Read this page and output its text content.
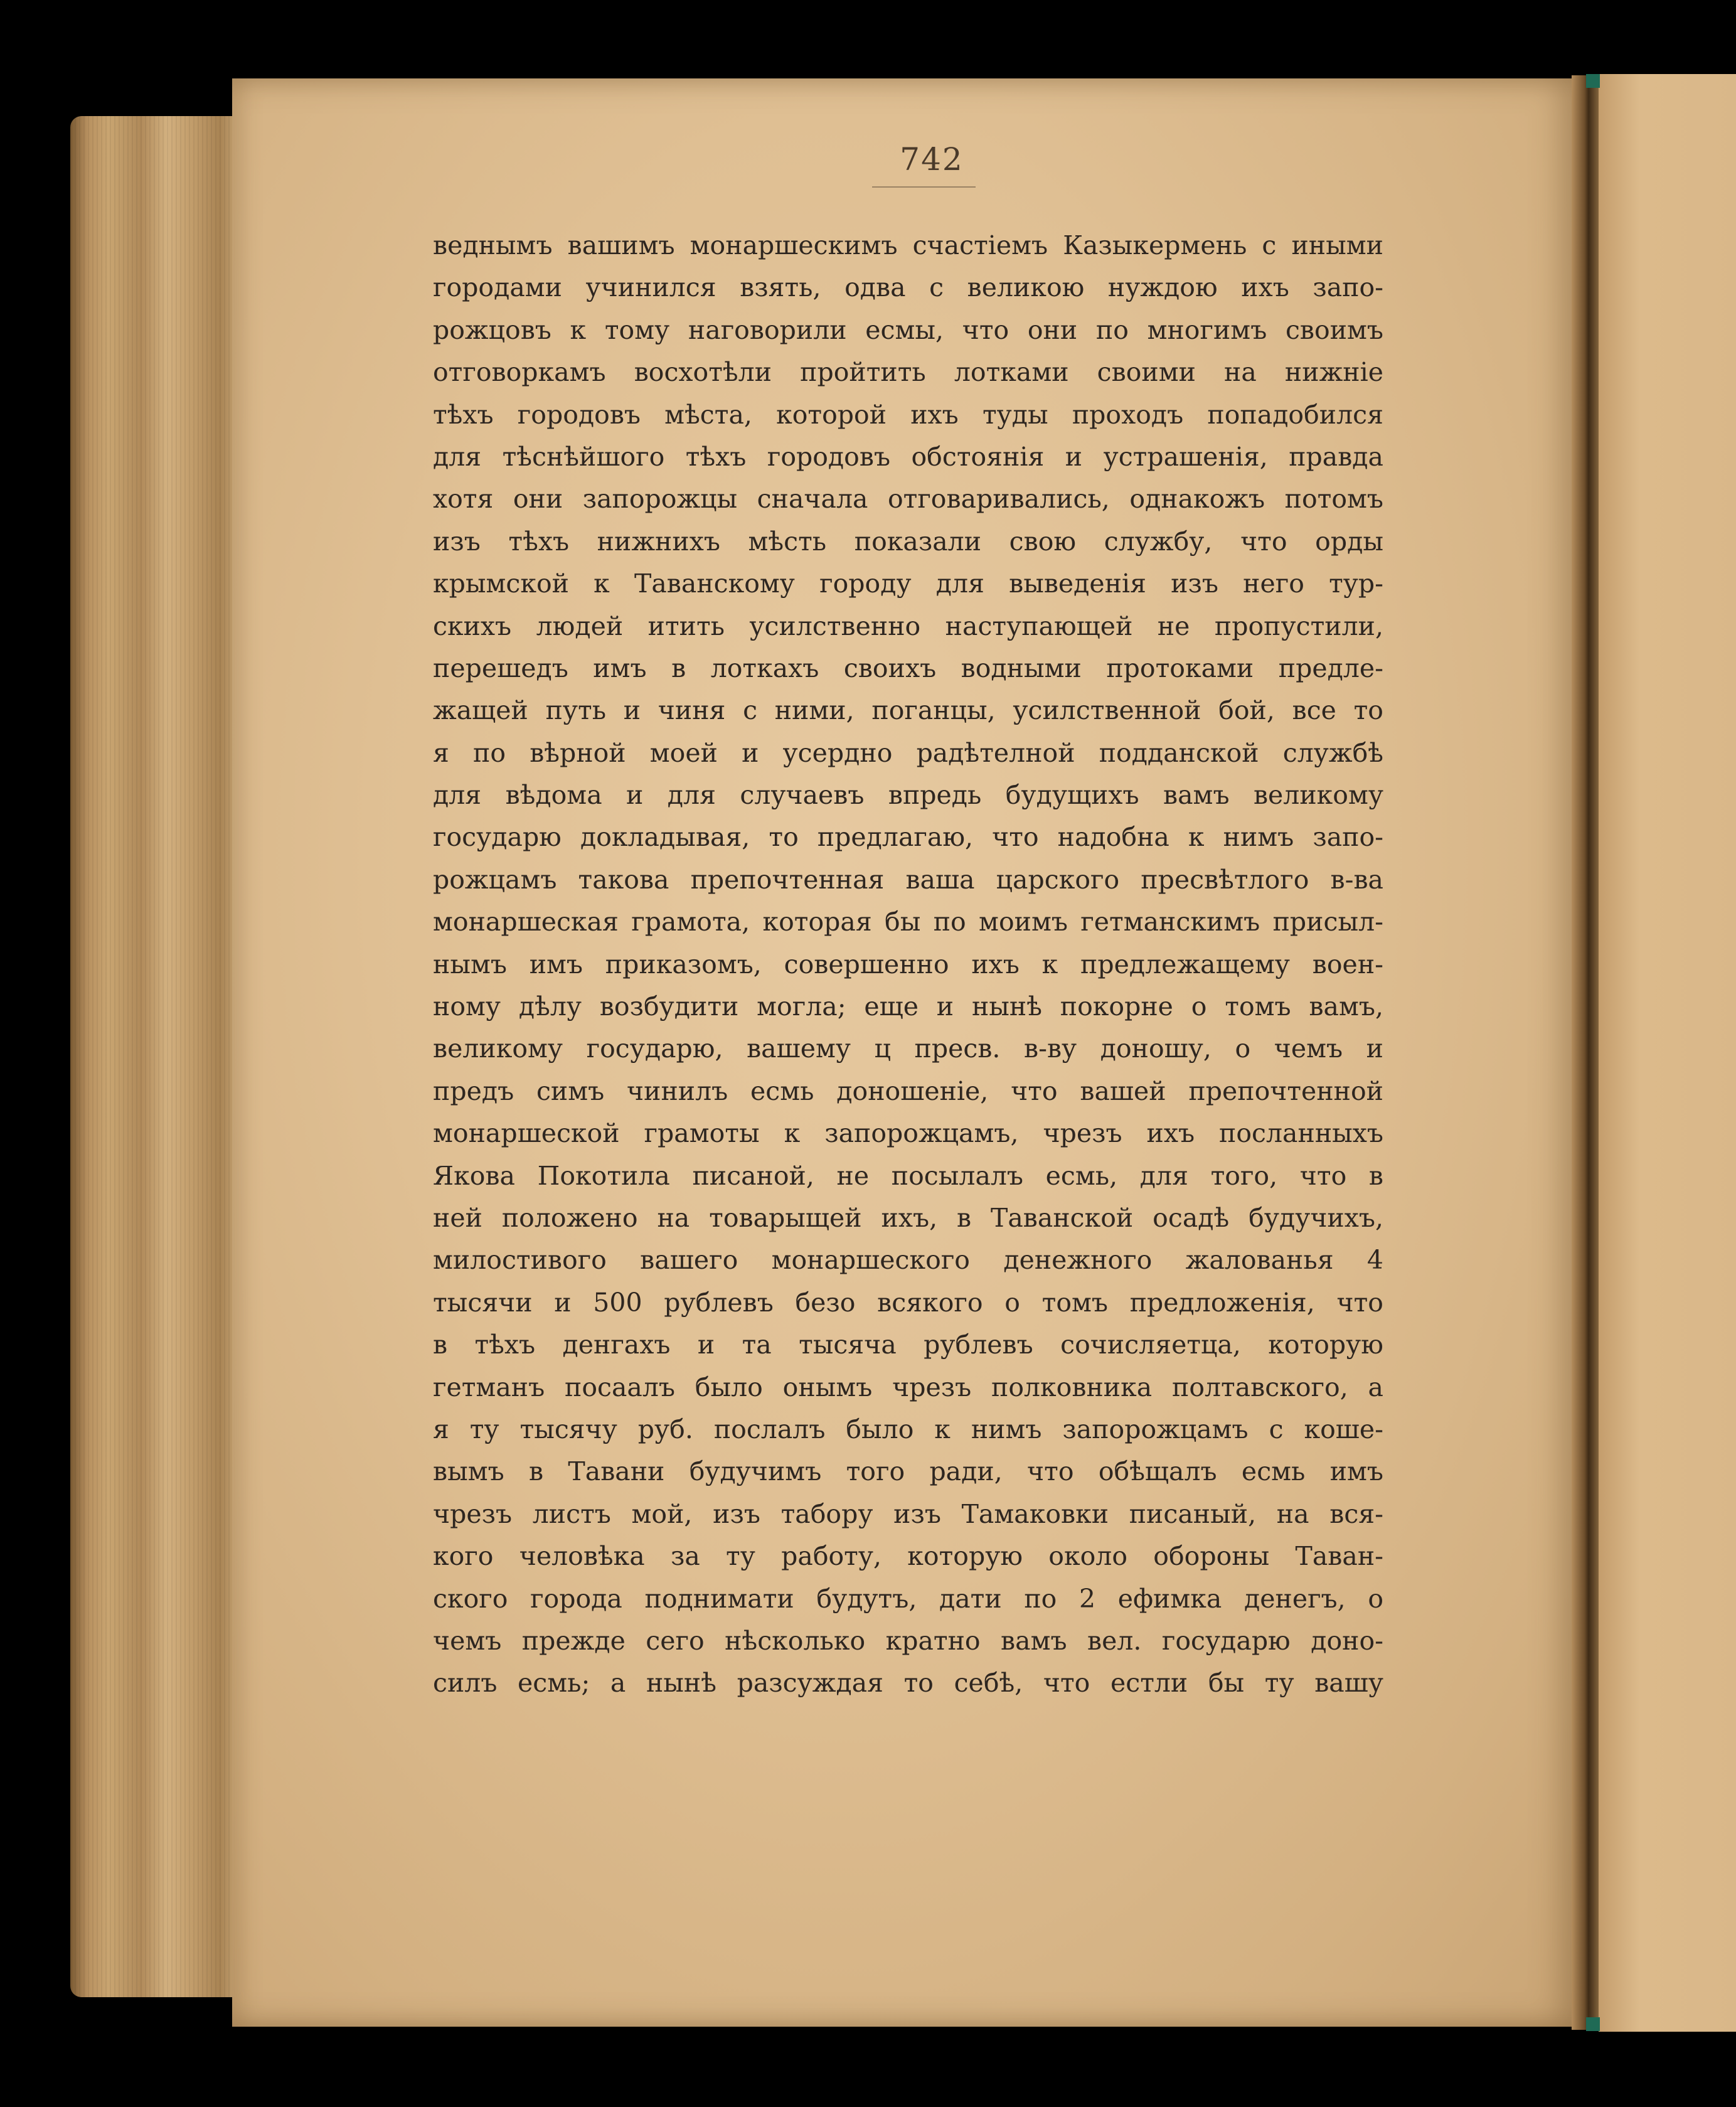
742
веднымъ вашимъ монаршескимъ счастіемъ Казыкермень с иными
городами учинился взять, одва с великою нуждою ихъ запо-
рожцовъ к тому наговорили есмы, что они по многимъ своимъ
отговоркамъ восхотѣли пройтить лотками своими на нижніе
тѣхъ городовъ мѣста, которой ихъ туды проходъ попадобился
для тѣснѣйшого тѣхъ городовъ обстоянія и устрашенія, правда
хотя они запорожцы сначала отговаривались, однакожъ потомъ
изъ тѣхъ нижнихъ мѣсть показали свою службу, что орды
крымской к Таванскому городу для выведенія изъ него тур-
скихъ людей итить усилственно наступающей не пропустили,
перешедъ имъ в лоткахъ своихъ водными протоками предле-
жащей путь и чиня с ними, поганцы, усилственной бой, все то
я по вѣрной моей и усердно радѣтелной подданской службѣ
для вѣдома и для случаевъ впредь будущихъ вамъ великому
государю докладывая, то предлагаю, что надобна к нимъ запо-
рожцамъ такова препочтенная ваша царского пресвѣтлого в-ва
монаршеская грамота, которая бы по моимъ гетманскимъ присыл-
нымъ имъ приказомъ, совершенно ихъ к предлежащему воен-
ному дѣлу возбудити могла; еще и нынѣ покорне о томъ вамъ,
великому государю, вашему ц пресв. в-ву доношу, о чемъ и
предъ симъ чинилъ есмь доношеніе, что вашей препочтенной
монаршеской грамоты к запорожцамъ, чрезъ ихъ посланныхъ
Якова Покотила писаной, не посылалъ есмь, для того, что в
ней положено на товарыщей ихъ, в Таванской осадѣ будучихъ,
милостивого вашего монаршеского денежного жалованья 4
тысячи и 500 рублевъ безо всякого о томъ предложенія, что
в тѣхъ денгахъ и та тысяча рублевъ сочисляетца, которую
гетманъ посаалъ было онымъ чрезъ полковника полтавского, а
я ту тысячу руб. послалъ было к нимъ запорожцамъ с коше-
вымъ в Тавани будучимъ того ради, что обѣщалъ есмь имъ
чрезъ листъ мой, изъ табору изъ Тамаковки писаный, на вся-
кого человѣка за ту работу, которую около обороны Таван-
ского города поднимати будутъ, дати по 2 ефимка денегъ, о
чемъ прежде сего нѣсколько кратно вамъ вел. государю доно-
силъ есмь; а нынѣ разсуждая то себѣ, что естли бы ту вашу
